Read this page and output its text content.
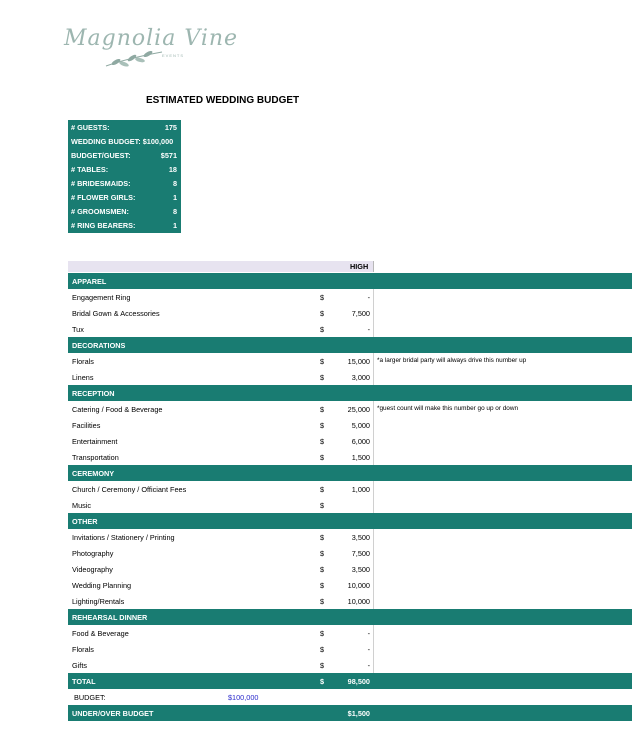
Magnolia Vine
EVENTS
ESTIMATED WEDDING BUDGET
# GUESTS:	175
WEDDING BUDGET: $100,000
BUDGET/GUEST:	$571
# TABLES:	18
# BRIDESMAIDS:	8
# FLOWER GIRLS:	1
# GROOMSMEN:	8
# RING BEARERS:	1
HIGH
APPAREL
Engagement Ring	$	-
Bridal Gown & Accessories	$	7,500
Tux	$	-
DECORATIONS
Florals	$	15,000 *a larger bridal party will always drive this number up
Linens	$	3,000
RECEPTION
Catering / Food & Beverage	$	25,000 *guest count will make this number go up or down
Facilities	$	5,000
Entertainment	$	6,000
Transportation	$	1,500
CEREMONY
Church / Ceremony / Officiant Fees	$	1,000
Music	$
OTHER
Invitations / Stationery / Printing	$	3,500
Photography	$	7,500
Videography	$	3,500
Wedding Planning	$	10,000
Lighting/Rentals	$	10,000
REHEARSAL DINNER
Food & Beverage	$	-
Florals	$	-
Gifts	$	-
TOTAL	$	98,500
BUDGET:	$100,000
UNDER/OVER BUDGET	$1,500
